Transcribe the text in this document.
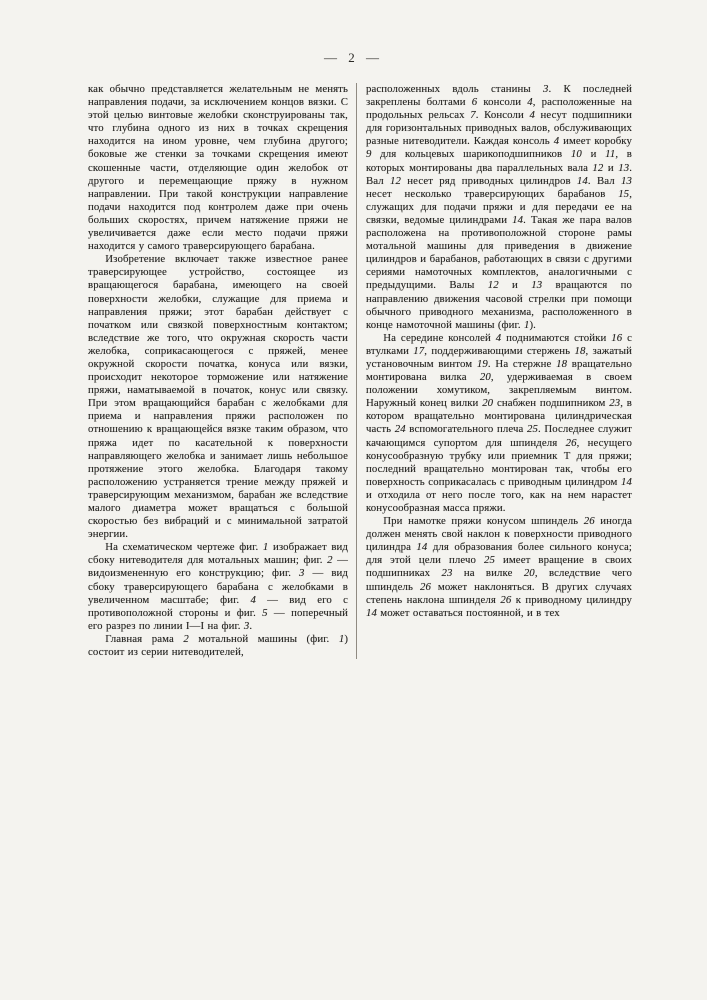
— 2 —

как обычно представляется желательным не менять направления подачи, за исключением концов вязки. С этой целью винтовые желобки сконструированы так, что глубина одного из них в точках скрещения находится на ином уровне, чем глубина другого; боковые же стенки за точками скрещения имеют скошенные части, отделяющие один желобок от другого и перемещающие пряжу в нужном направлении. При такой конструкции направление подачи находится под контролем даже при очень больших скоростях, причем натяжение пряжи не увеличивается даже если место подачи пряжи находится у самого траверсирующего барабана.

Изобретение включает также известное ранее траверсирующее устройство, состоящее из вращающегося барабана, имеющего на своей поверхности желобки, служащие для приема и направления пряжи; этот барабан действует с початком или связкой поверхностным контактом; вследствие же того, что окружная скорость части желобка, соприкасающегося с пряжей, менее окружной скорости початка, конуса или вязки, происходит некоторое торможение или натяжение пряжи, наматываемой в початок, конус или связку. При этом вращающийся барабан с желобками для приема и направления пряжи расположен по отношению к вращающейся вязке таким образом, что пряжа идет по касательной к поверхности направляющего желобка и занимает лишь небольшое протяжение этого желобка. Благодаря такому расположению устраняется трение между пряжей и траверсирующим механизмом, барабан же вследствие малого диаметра может вращаться с большой скоростью без вибраций и с минимальной затратой энергии.

На схематическом чертеже фиг. 1 изображает вид сбоку нитеводителя для мотальных машин; фиг. 2 — видоизмененную его конструкцию; фиг. 3 — вид сбоку траверсирующего барабана с желобками в увеличенном масштабе; фиг. 4 — вид его с противоположной стороны и фиг. 5 — поперечный его разрез по линии I—I на фиг. 3.

Главная рама 2 мотальной машины (фиг. 1) состоит из серии нитеводителей,

расположенных вдоль станины 3. К последней закреплены болтами 6 консоли 4, расположенные на продольных рельсах 7. Консоли 4 несут подшипники для горизонтальных приводных валов, обслуживающих разные нитеводители. Каждая консоль 4 имеет коробку 9 для кольцевых шарикоподшипников 10 и 11, в которых монтированы два параллельных вала 12 и 13. Вал 12 несет ряд приводных цилиндров 14. Вал 13 несет несколько траверсирующих барабанов 15, служащих для подачи пряжи и для передачи ее на связки, ведомые цилиндрами 14. Такая же пара валов расположена на противоположной стороне рамы мотальной машины для приведения в движение цилиндров и барабанов, работающих в связи с другими сериями намоточных комплектов, аналогичными с предыдущими. Валы 12 и 13 вращаются по направлению движения часовой стрелки при помощи обычного приводного механизма, расположенного в конце намоточной машины (фиг. 1).

На середине консолей 4 поднимаются стойки 16 с втулками 17, поддерживающими стержень 18, зажатый установочным винтом 19. На стержне 18 вращательно монтирована вилка 20, удерживаемая в своем положении хомутиком, закрепляемым винтом. Наружный конец вилки 20 снабжен подшипником 23, в котором вращательно монтирована цилиндрическая часть 24 вспомогательного плеча 25. Последнее служит качающимся супортом для шпинделя 26, несущего конусообразную трубку или приемник Т для пряжи; последний вращательно монтирован так, чтобы его поверхность соприкасалась с приводным цилиндром 14 и отходила от него после того, как на нем нарастет конусообразная масса пряжи.

При намотке пряжи конусом шпиндель 26 иногда должен менять свой наклон к поверхности приводного цилиндра 14 для образования более сильного конуса; для этой цели плечо 25 имеет вращение в своих подшипниках 23 на вилке 20, вследствие чего шпиндель 26 может наклоняться. В других случаях степень наклона шпинделя 26 к приводному цилиндру 14 может оставаться постоянной, и в тех
